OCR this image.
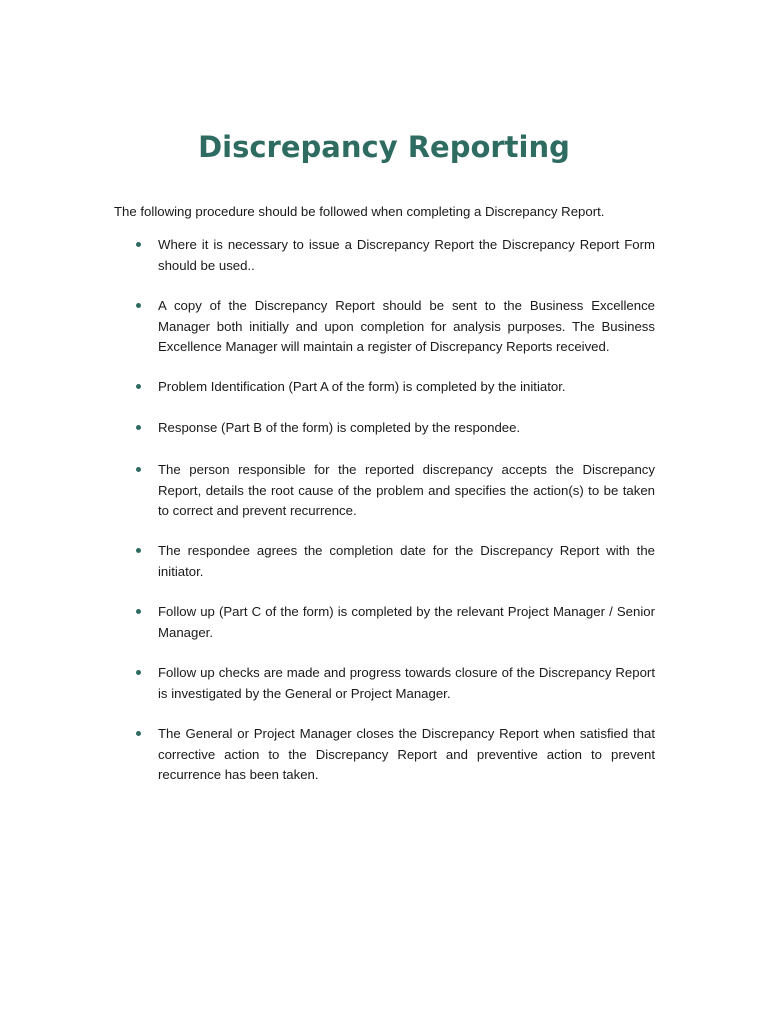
Discrepancy Reporting

The following procedure should be followed when completing a Discrepancy Report.

Where it is necessary to issue a Discrepancy Report the Discrepancy Report Form should be used..
A copy of the Discrepancy Report should be sent to the Business Excellence Manager both initially and upon completion for analysis purposes. The Business Excellence Manager will maintain a register of Discrepancy Reports received.
Problem Identification (Part A of the form) is completed by the initiator.
Response (Part B of the form) is completed by the respondee.
The person responsible for the reported discrepancy accepts the Discrepancy Report, details the root cause of the problem and specifies the action(s) to be taken to correct and prevent recurrence.
The respondee agrees the completion date for the Discrepancy Report with the initiator.
Follow up (Part C of the form) is completed by the relevant Project Manager / Senior Manager.
Follow up checks are made and progress towards closure of the Discrepancy Report is investigated by the General or Project Manager.
The General or Project Manager closes the Discrepancy Report when satisfied that corrective action to the Discrepancy Report and preventive action to prevent recurrence has been taken.
